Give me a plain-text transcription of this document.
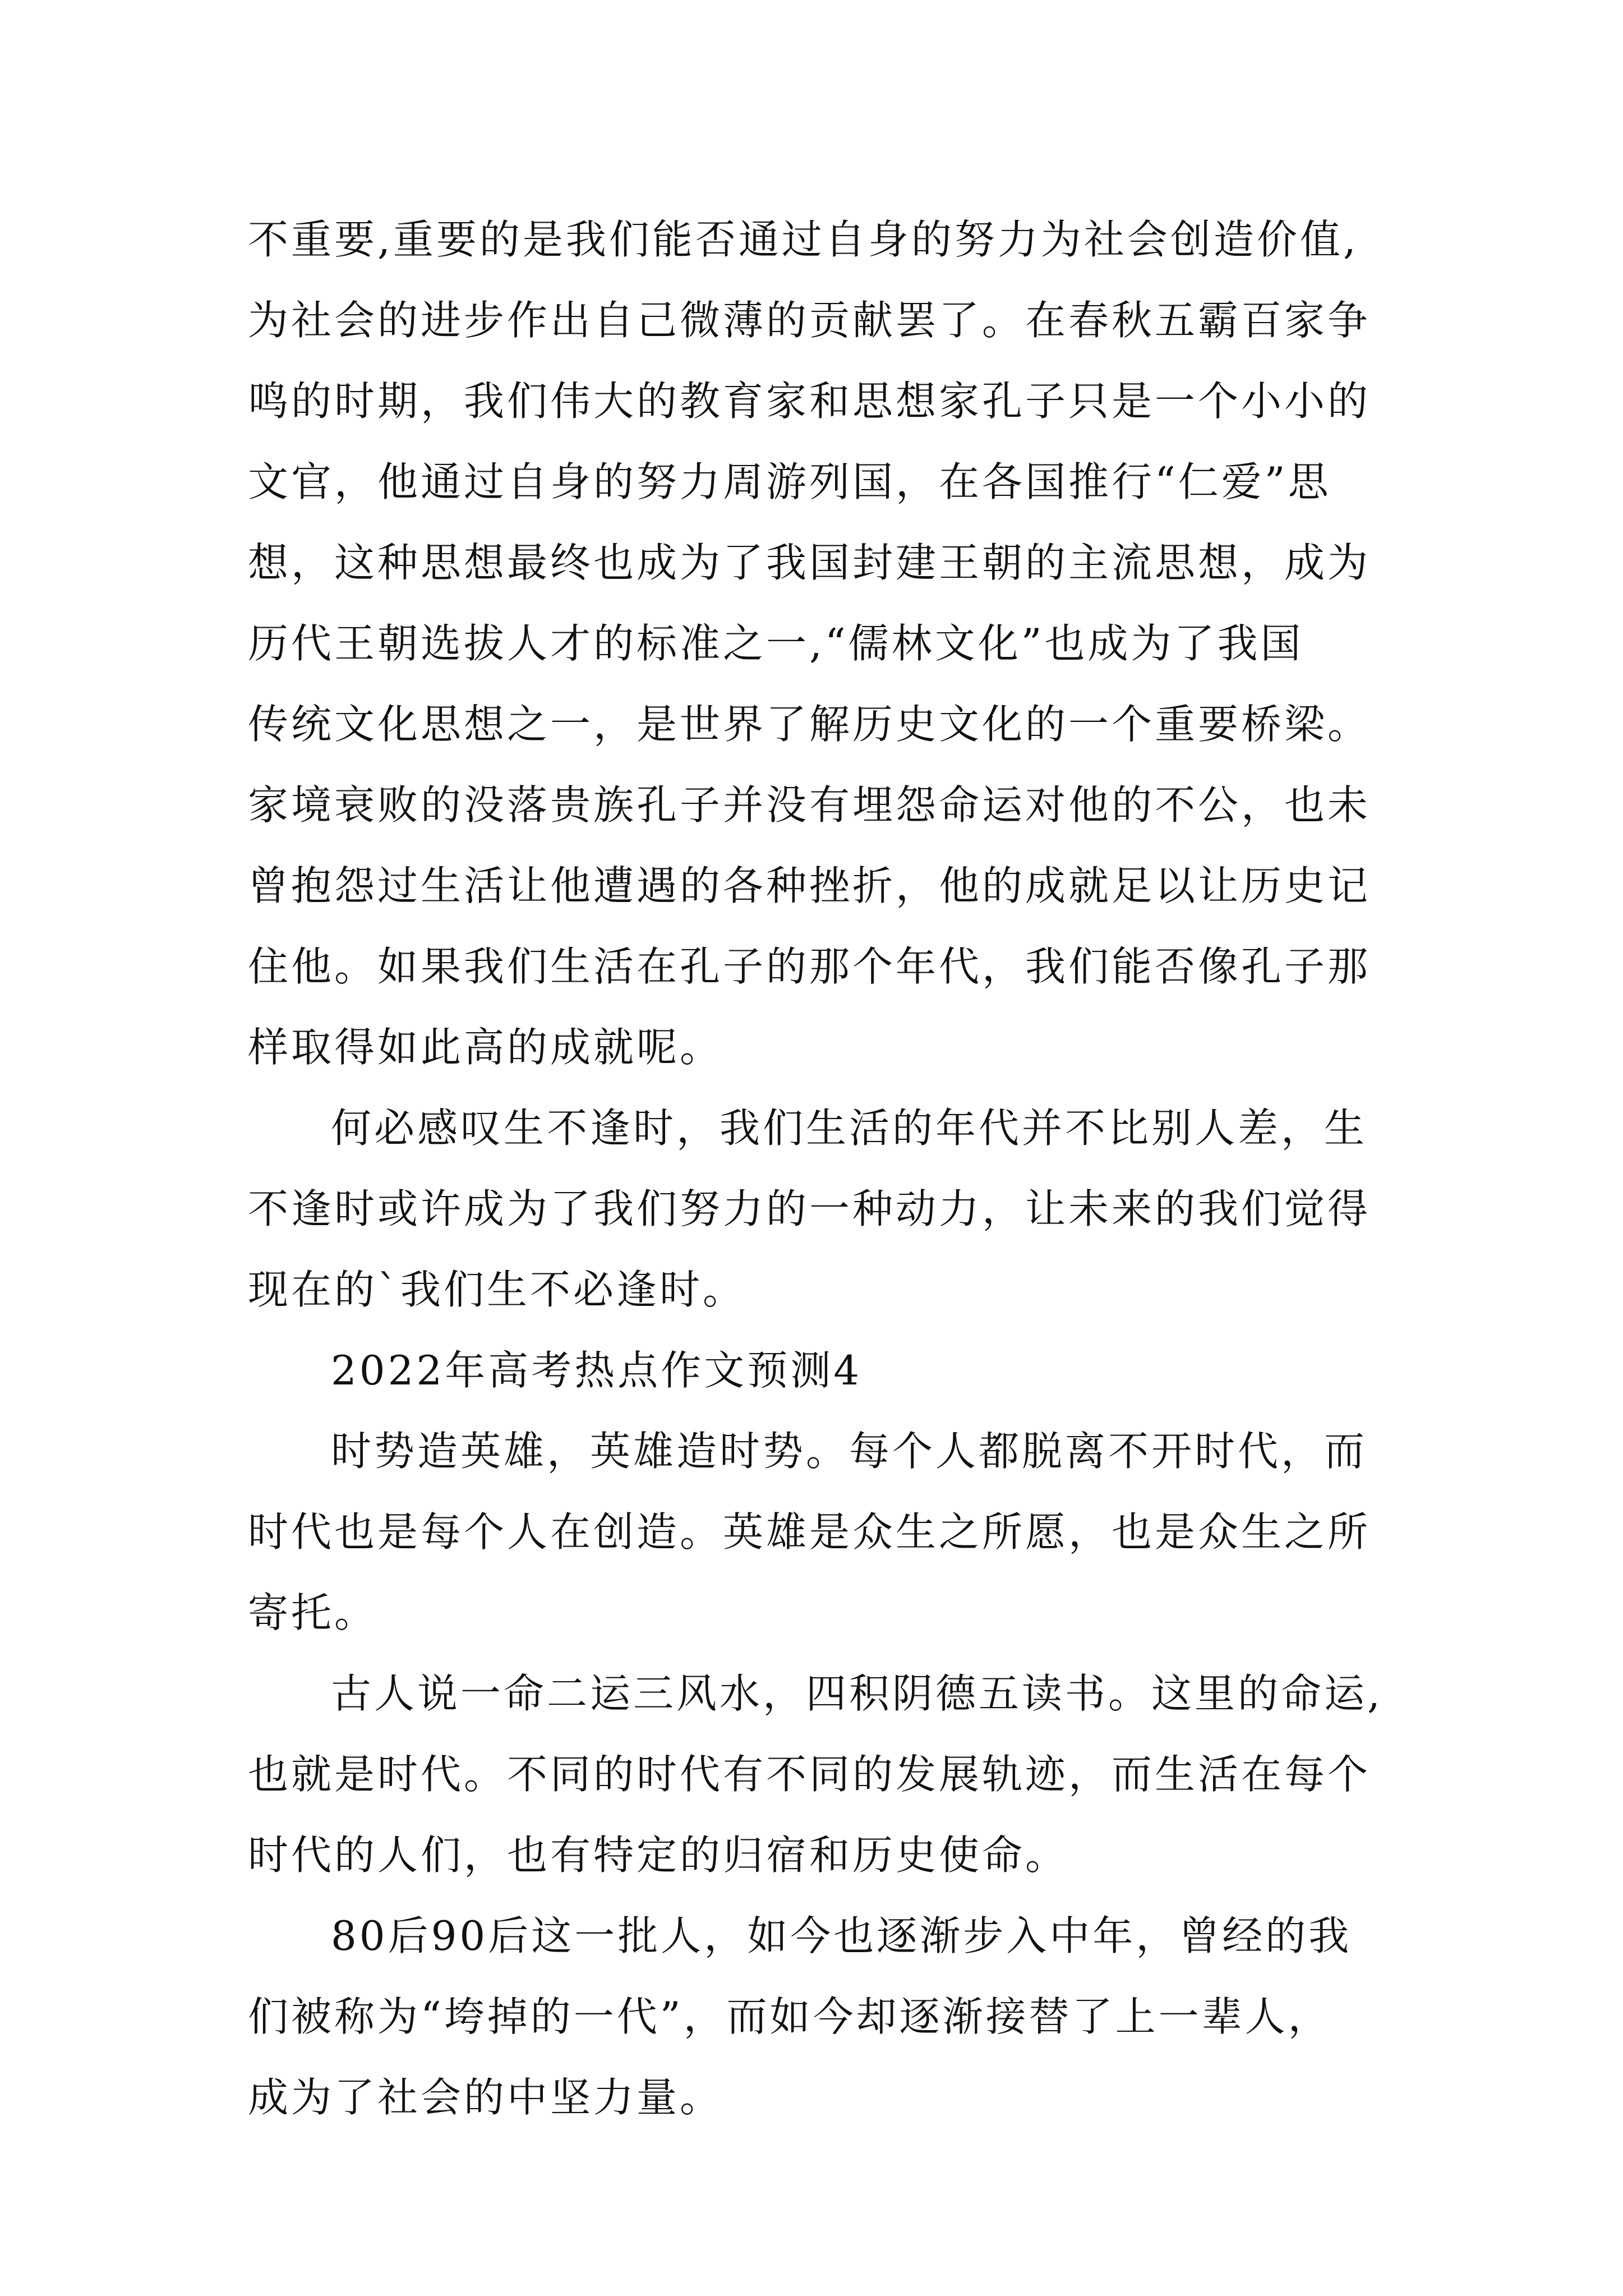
不重要,重要的是我们能否通过自身的努力为社会创造价值,

为社会的进步作出自己微薄的贡献罢了。在春秋五霸百家争

鸣的时期，我们伟大的教育家和思想家孔子只是一个小小的

文官，他通过自身的努力周游列国，在各国推行“仁爱”思

想，这种思想最终也成为了我国封建王朝的主流思想，成为

历代王朝选拔人才的标准之一,“儒林文化”也成为了我国

传统文化思想之一，是世界了解历史文化的一个重要桥梁。

家境衰败的没落贵族孔子并没有埋怨命运对他的不公，也未

曾抱怨过生活让他遭遇的各种挫折，他的成就足以让历史记

住他。如果我们生活在孔子的那个年代，我们能否像孔子那

样取得如此高的成就呢。

何必感叹生不逢时，我们生活的年代并不比别人差，生

不逢时或许成为了我们努力的一种动力，让未来的我们觉得

现在的`我们生不必逢时。

2022年高考热点作文预测4

时势造英雄，英雄造时势。每个人都脱离不开时代，而

时代也是每个人在创造。英雄是众生之所愿，也是众生之所

寄托。

古人说一命二运三风水，四积阴德五读书。这里的命运,

也就是时代。不同的时代有不同的发展轨迹，而生活在每个

时代的人们，也有特定的归宿和历史使命。

80后90后这一批人，如今也逐渐步入中年，曾经的我

们被称为“垮掉的一代”，而如今却逐渐接替了上一辈人，

成为了社会的中坚力量。
